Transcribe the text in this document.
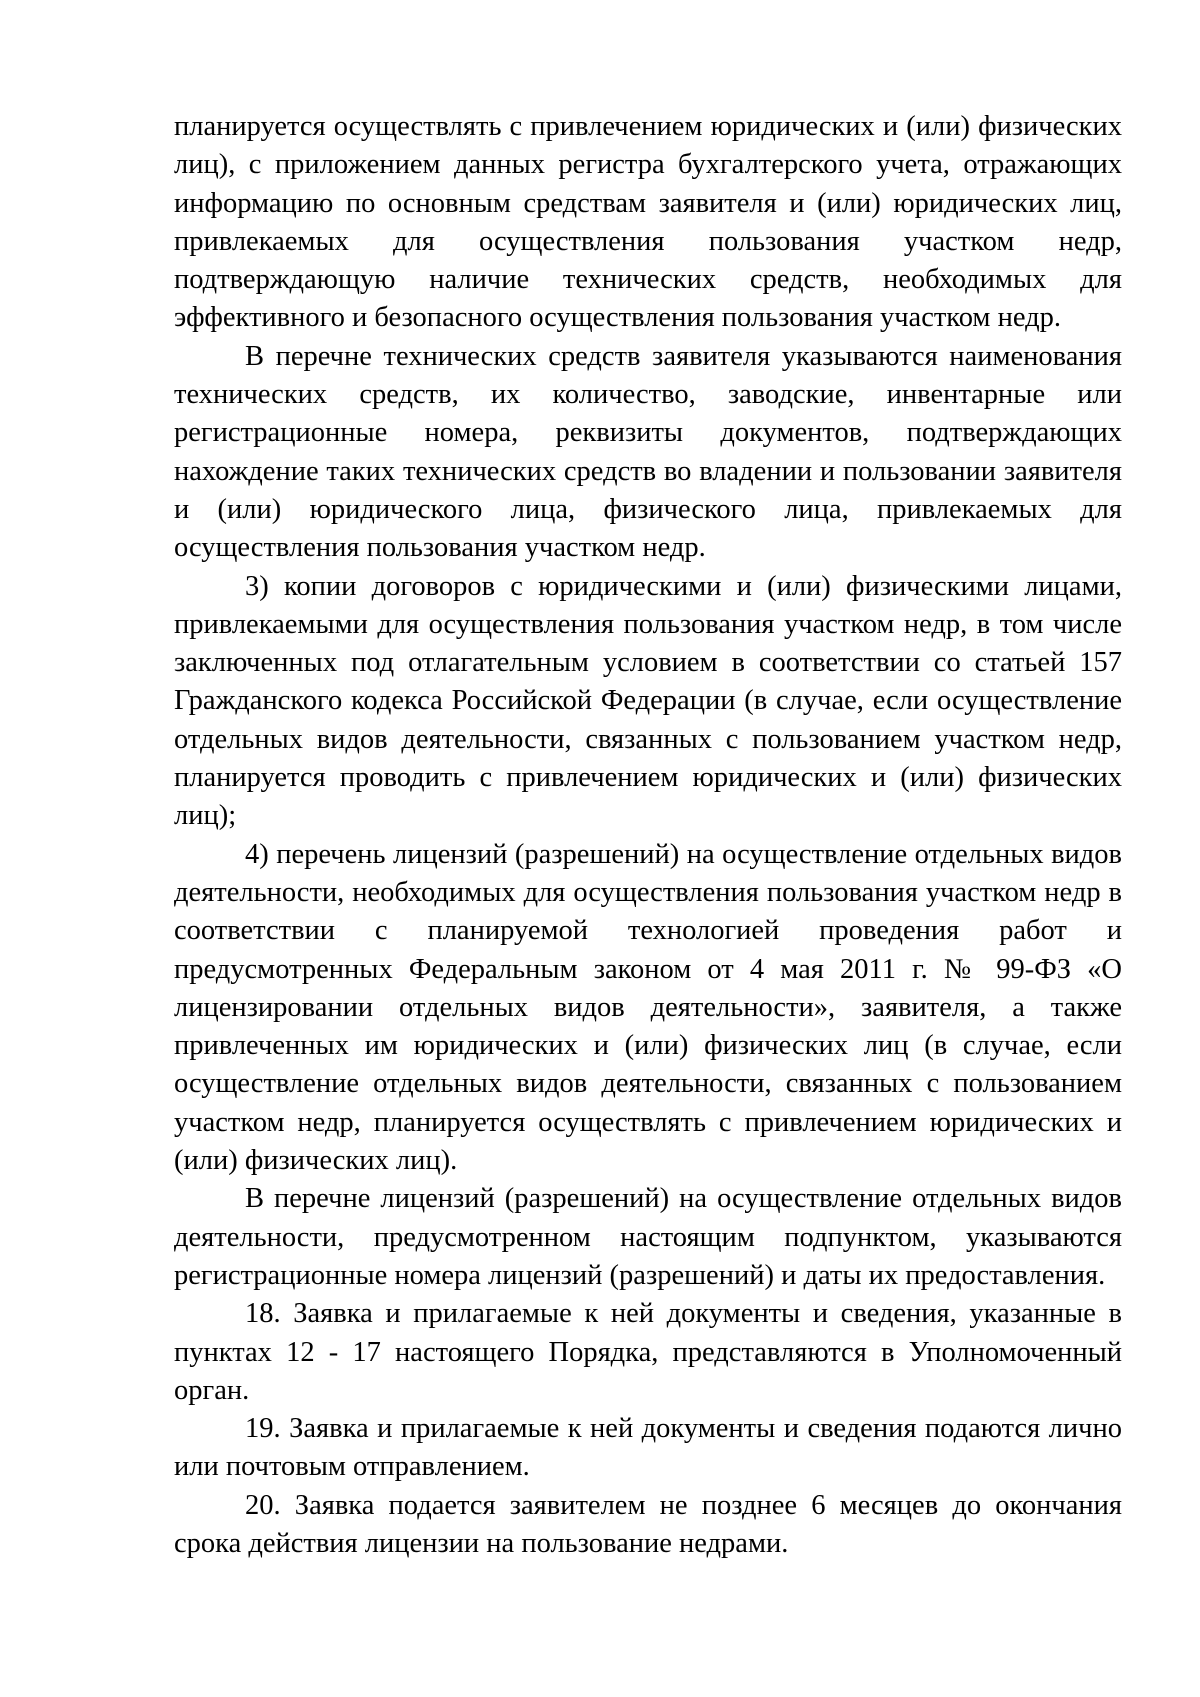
планируется осуществлять с привлечением юридических и (или) физических лиц), с приложением данных регистра бухгалтерского учета, отражающих информацию по основным средствам заявителя и (или) юридических лиц, привлекаемых для осуществления пользования участком недр, подтверждающую наличие технических средств, необходимых для эффективного и безопасного осуществления пользования участком недр.

В перечне технических средств заявителя указываются наименования технических средств, их количество, заводские, инвентарные или регистрационные номера, реквизиты документов, подтверждающих нахождение таких технических средств во владении и пользовании заявителя и (или) юридического лица, физического лица, привлекаемых для осуществления пользования участком недр.

3) копии договоров с юридическими и (или) физическими лицами, привлекаемыми для осуществления пользования участком недр, в том числе заключенных под отлагательным условием в соответствии со статьей 157 Гражданского кодекса Российской Федерации (в случае, если осуществление отдельных видов деятельности, связанных с пользованием участком недр, планируется проводить с привлечением юридических и (или) физических лиц);

4) перечень лицензий (разрешений) на осуществление отдельных видов деятельности, необходимых для осуществления пользования участком недр в соответствии с планируемой технологией проведения работ и предусмотренных Федеральным законом от 4 мая 2011 г. № 99-ФЗ «О лицензировании отдельных видов деятельности», заявителя, а также привлеченных им юридических и (или) физических лиц (в случае, если осуществление отдельных видов деятельности, связанных с пользованием участком недр, планируется осуществлять с привлечением юридических и (или) физических лиц).

В перечне лицензий (разрешений) на осуществление отдельных видов деятельности, предусмотренном настоящим подпунктом, указываются регистрационные номера лицензий (разрешений) и даты их предоставления.

18. Заявка и прилагаемые к ней документы и сведения, указанные в пунктах 12 - 17 настоящего Порядка, представляются в Уполномоченный орган.

19. Заявка и прилагаемые к ней документы и сведения подаются лично или почтовым отправлением.

20. Заявка подается заявителем не позднее 6 месяцев до окончания срока действия лицензии на пользование недрами.
